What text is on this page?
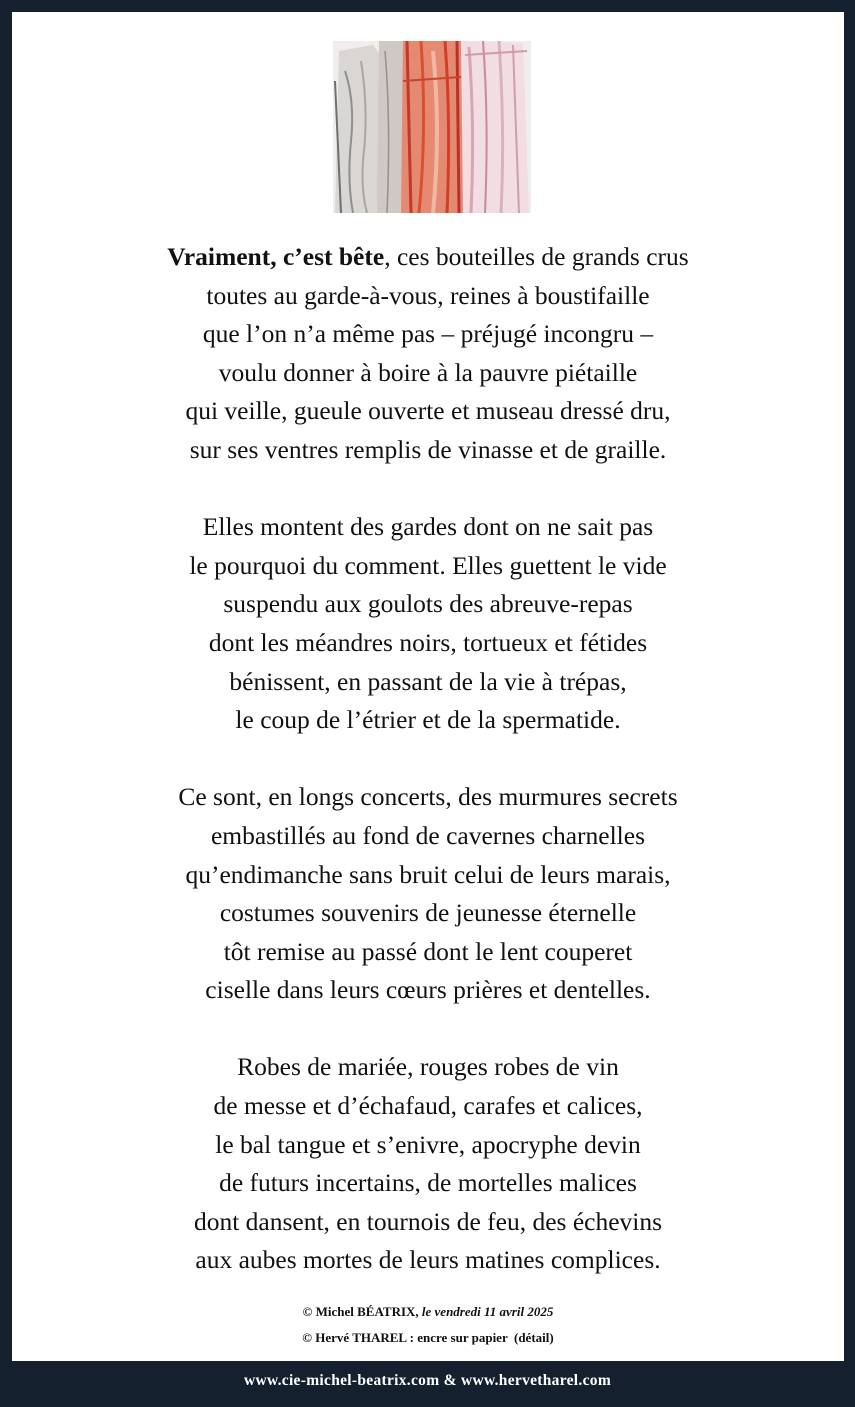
Vraiment, c’est bête, ces bouteilles de grands crus
toutes au garde-à-vous, reines à boustifaille
que l’on n’a même pas – préjugé incongru –
voulu donner à boire à la pauvre piétaille
qui veille, gueule ouverte et museau dressé dru,
sur ses ventres remplis de vinasse et de graille.
Elles montent des gardes dont on ne sait pas
le pourquoi du comment. Elles guettent le vide
suspendu aux goulots des abreuve-repas
dont les méandres noirs, tortueux et fétides
bénissent, en passant de la vie à trépas,
le coup de l’étrier et de la spermatide.
Ce sont, en longs concerts, des murmures secrets
embastillés au fond de cavernes charnelles
qu’endimanche sans bruit celui de leurs marais,
costumes souvenirs de jeunesse éternelle
tôt remise au passé dont le lent couperet
ciselle dans leurs cœurs prières et dentelles.
Robes de mariée, rouges robes de vin
de messe et d’échafaud, carafes et calices,
le bal tangue et s’enivre, apocryphe devin
de futurs incertains, de mortelles malices
dont dansent, en tournois de feu, des échevins
aux aubes mortes de leurs matines complices.
© Michel BÉATRIX, le vendredi 11 avril 2025
© Hervé THAREL : encre sur papier  (détail)
www.cie-michel-beatrix.com & www.hervetharel.com
